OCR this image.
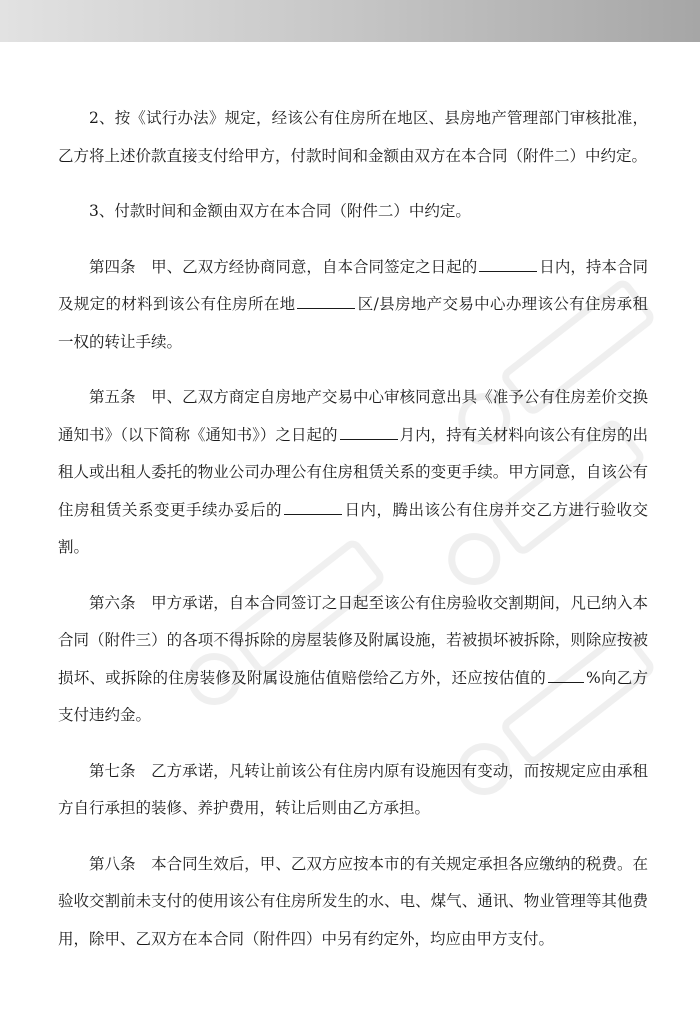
2、按《试行办法》规定，经该公有住房所在地区、县房地产管理部门审核批准，乙方将上述价款直接支付给甲方，付款时间和金额由双方在本合同（附件二）中约定。

3、付款时间和金额由双方在本合同（附件二）中约定。

第四条　甲、乙双方经协商同意，自本合同签定之日起的	日内，持本合同及规定的材料到该公有住房所在地	区/县房地产交易中心办理该公有住房承租一权的转让手续。

第五条　甲、乙双方商定自房地产交易中心审核同意出具《准予公有住房差价交换通知书》（以下简称《通知书》）之日起的	月内，持有关材料向该公有住房的出租人或出租人委托的物业公司办理公有住房租赁关系的变更手续。甲方同意，自该公有住房租赁关系变更手续办妥后的	日内，腾出该公有住房并交乙方进行验收交割。

第六条　甲方承诺，自本合同签订之日起至该公有住房验收交割期间，凡已纳入本合同（附件三）的各项不得拆除的房屋装修及附属设施，若被损坏被拆除，则除应按被损坏、或拆除的住房装修及附属设施估值赔偿给乙方外，还应按估值的	%向乙方支付违约金。

第七条　乙方承诺，凡转让前该公有住房内原有设施因有变动，而按规定应由承租方自行承担的装修、养护费用，转让后则由乙方承担。

第八条　本合同生效后，甲、乙双方应按本市的有关规定承担各应缴纳的税费。在验收交割前未支付的使用该公有住房所发生的水、电、煤气、通讯、物业管理等其他费用，除甲、乙双方在本合同（附件四）中另有约定外，均应由甲方支付。
